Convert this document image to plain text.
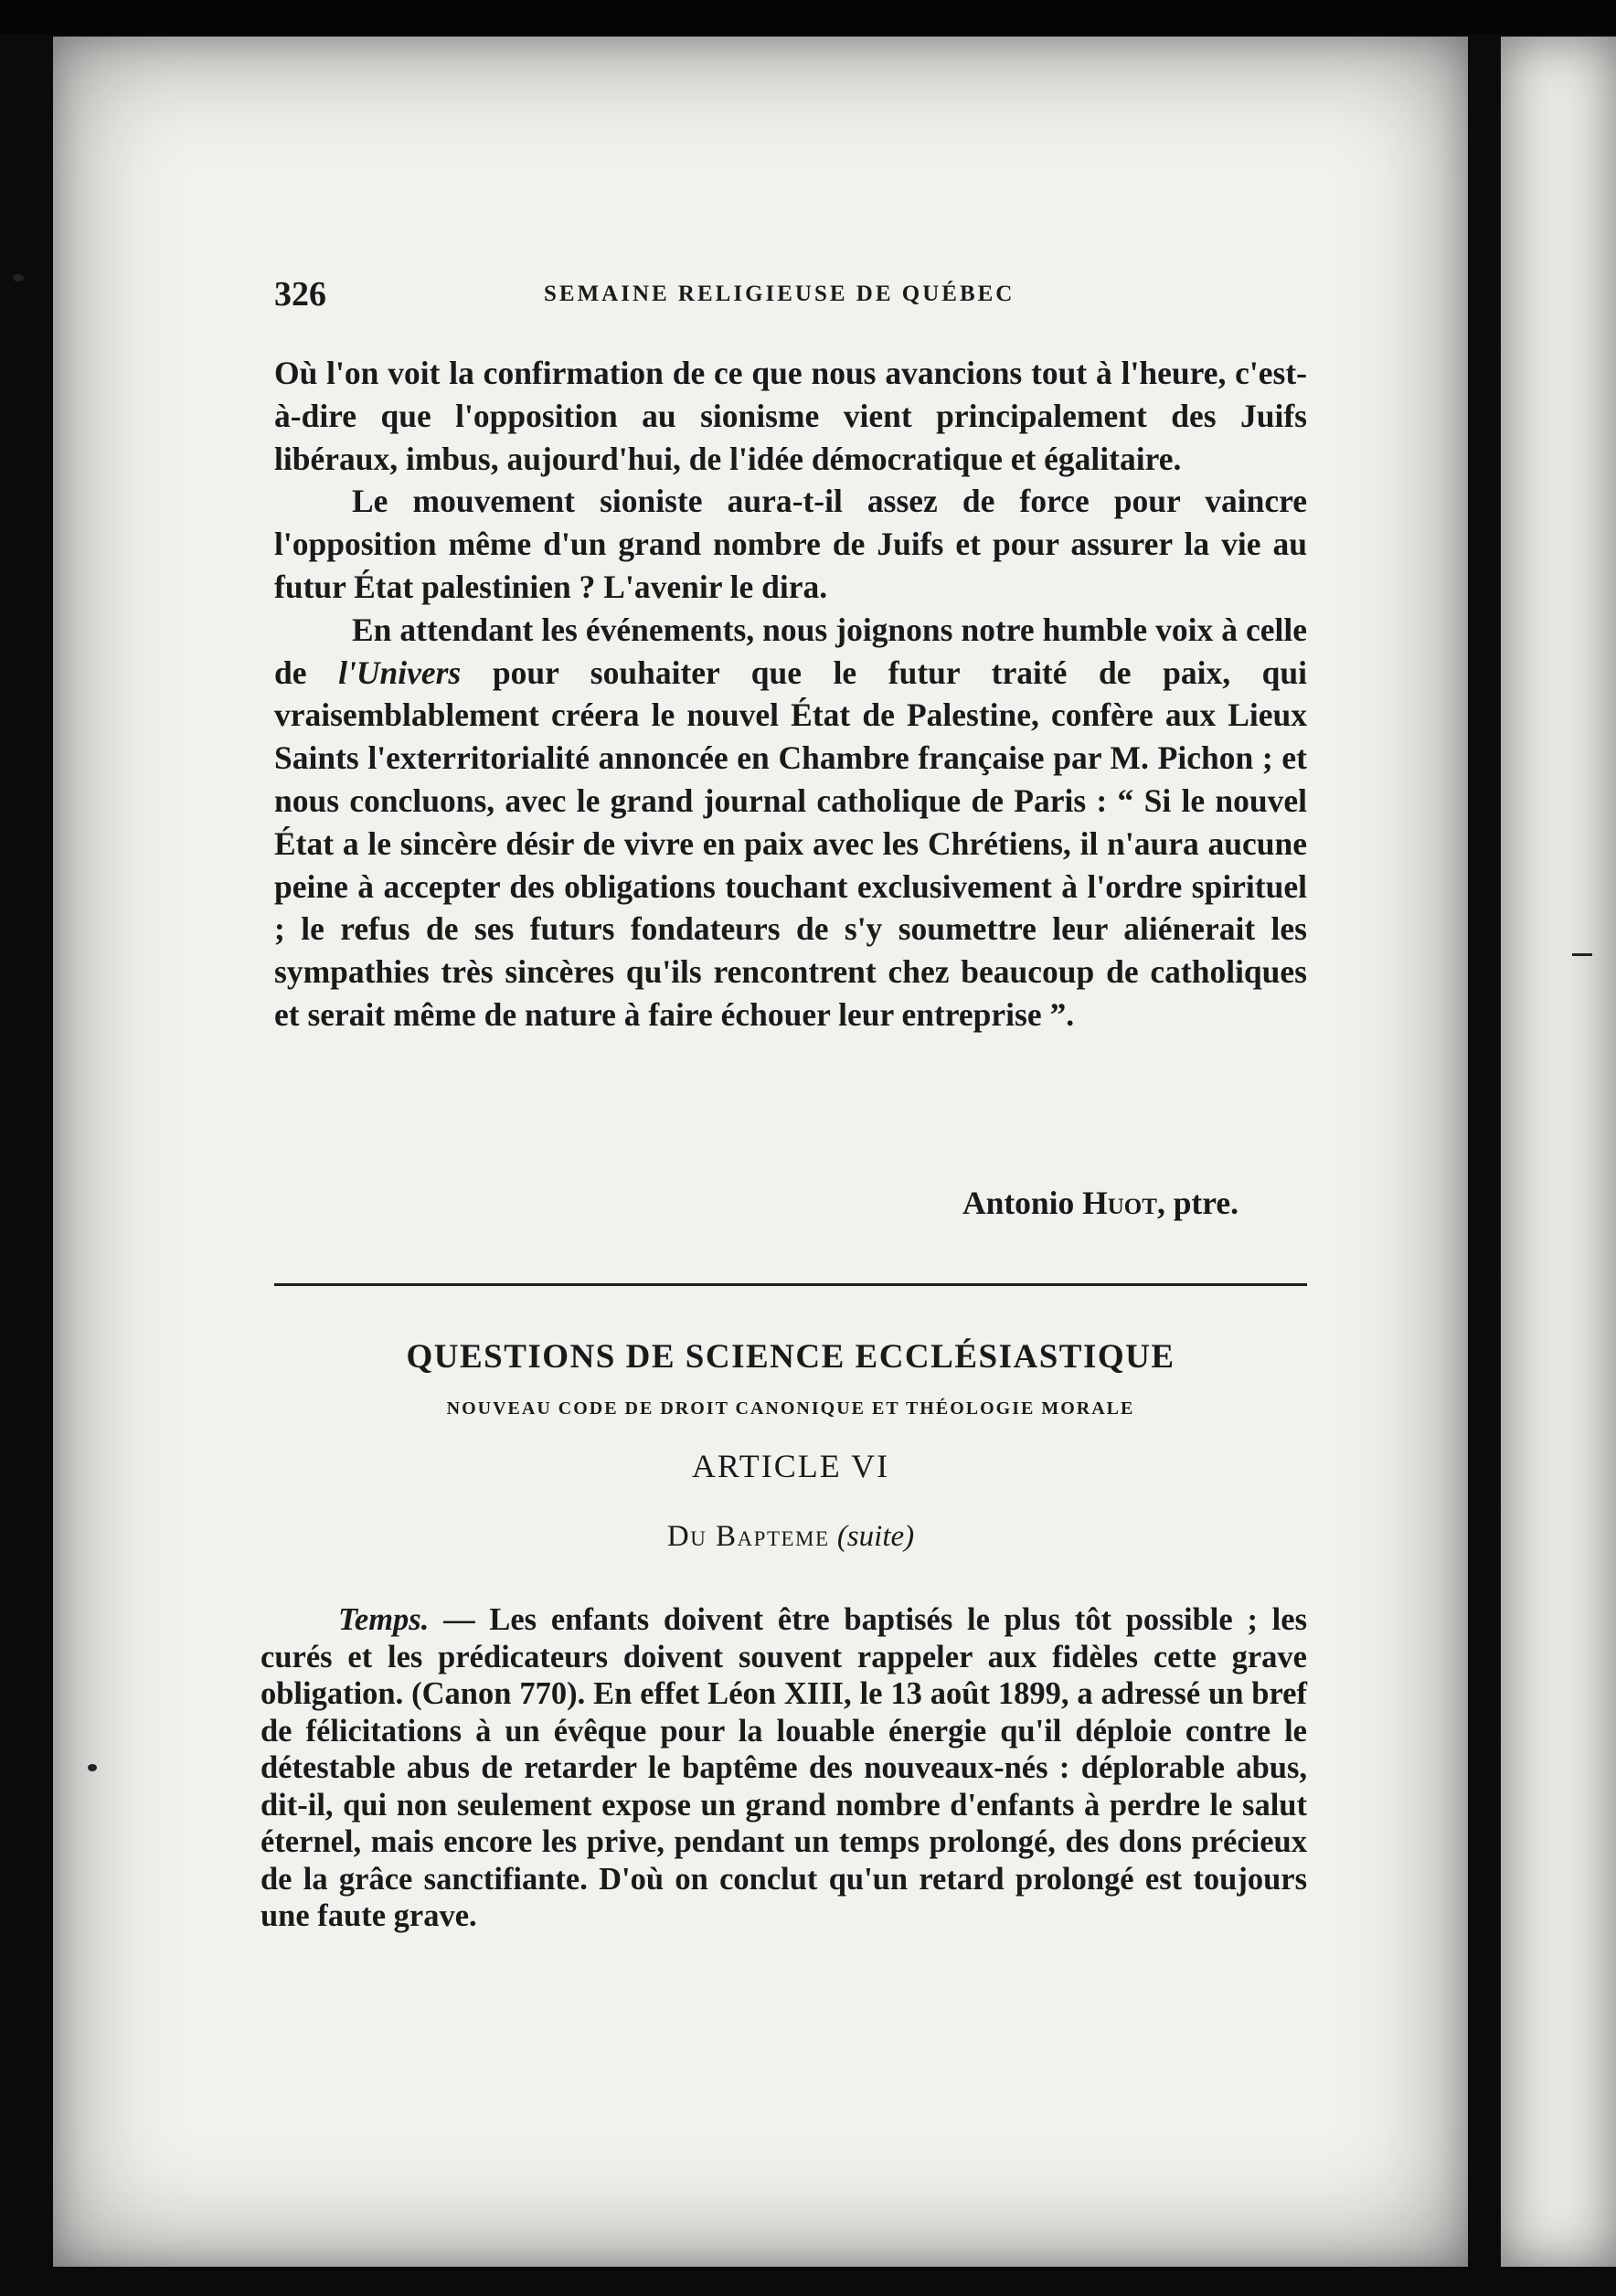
326	SEMAINE RELIGIEUSE DE QUÉBEC

Où l'on voit la confirmation de ce que nous avancions tout à l'heure, c'est-à-dire que l'opposition au sionisme vient principalement des Juifs libéraux, imbus, aujourd'hui, de l'idée démocratique et égalitaire.

Le mouvement sioniste aura-t-il assez de force pour vaincre l'opposition même d'un grand nombre de Juifs et pour assurer la vie au futur État palestinien ? L'avenir le dira.

En attendant les événements, nous joignons notre humble voix à celle de l'Univers pour souhaiter que le futur traité de paix, qui vraisemblablement créera le nouvel État de Palestine, confère aux Lieux Saints l'exterritorialité annoncée en Chambre française par M. Pichon ; et nous concluons, avec le grand journal catholique de Paris : “ Si le nouvel État a le sincère désir de vivre en paix avec les Chrétiens, il n'aura aucune peine à accepter des obligations touchant exclusivement à l'ordre spirituel ; le refus de ses futurs fondateurs de s'y soumettre leur aliénerait les sympathies très sincères qu'ils rencontrent chez beaucoup de catholiques et serait même de nature à faire échouer leur entreprise ”.

Antonio Huot, ptre.
QUESTIONS DE SCIENCE ECCLÉSIASTIQUE
NOUVEAU CODE DE DROIT CANONIQUE ET THÉOLOGIE MORALE
ARTICLE VI
Du Bapteme (suite)

Temps. — Les enfants doivent être baptisés le plus tôt possible ; les curés et les prédicateurs doivent souvent rappeler aux fidèles cette grave obligation. (Canon 770). En effet Léon XIII, le 13 août 1899, a adressé un bref de félicitations à un évêque pour la louable énergie qu'il déploie contre le détestable abus de retarder le baptême des nouveaux-nés : déplorable abus, dit-il, qui non seulement expose un grand nombre d'enfants à perdre le salut éternel, mais encore les prive, pendant un temps prolongé, des dons précieux de la grâce sanctifiante. D'où on conclut qu'un retard prolongé est toujours une faute grave.
